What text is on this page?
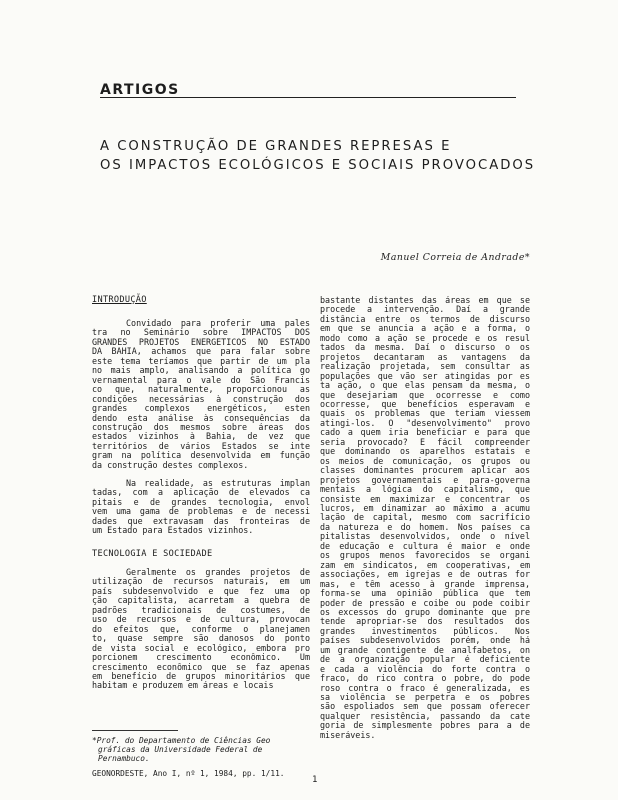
ARTIGOS
A CONSTRUÇÃO DE GRANDES REPRESAS E
OS IMPACTOS ECOLÓGICOS E SOCIAIS PROVOCADOS
Manuel Correia de Andrade*
INTRODUÇÃO
Convidado para proferir uma pales
tra no Seminário sobre IMPACTOS DOS
GRANDES PROJETOS ENERGÉTICOS NO ESTADO
DA BAHIA, achamos que para falar sobre
este tema teríamos que partir de um pla
no mais amplo, analisando a política go
vernamental para o vale do São Francis
co que, naturalmente, proporcionou as
condições necessárias à construção dos
grandes complexos energéticos, esten
dendo esta análise às consequências da
construção dos mesmos sobre áreas dos
estados vizinhos à Bahia, de vez que
territórios de vários Estados se inte
gram na política desenvolvida em função
da construção destes complexos.
Na realidade, as estruturas implan
tadas, com a aplicação de elevados ca
pitais e de grandes tecnologia, envol
vem uma gama de problemas e de necessi
dades que extravasam das fronteiras de
um Estado para Estados vizinhos.
TECNOLOGIA E SOCIEDADE
Geralmente os grandes projetos de
utilização de recursos naturais, em um
país subdesenvolvido e que fez uma op
ção capitalista, acarretam a quebra de
padrões tradicionais de costumes, de
uso de recursos e de cultura, provocan
do efeitos que, conforme o planejamen
to, quase sempre são danosos do ponto
de vista social e ecológico, embora pro
porcionem crescimento econômico. Um
crescimento econômico que se faz apenas
em benefício de grupos minoritários que
habitam e produzem em áreas e locais
bastante distantes das áreas em que se
procede a intervenção. Daí a grande
distância entre os termos de discurso
em que se anuncia a ação e a forma, o
modo como a ação se procede e os resul
tados da mesma. Daí o discurso o os
projetos decantaram as vantagens da
realização projetada, sem consultar as
populações que vão ser atingidas por es
ta ação, o que elas pensam da mesma, o
que desejariam que ocorresse e como
ocorresse, que benefícios esperavam e
quais os problemas que teriam viessem
atingi-los. O "desenvolvimento" provo
cado a quem iria beneficiar e para que
seria provocado? É fácil compreender
que dominando os aparelhos estatais e
os meios de comunicação, os grupos ou
classes dominantes procurem aplicar aos
projetos governamentais e para-governa
mentais a lógica do capitalismo, que
consiste em maximizar e concentrar os
lucros, em dinamizar ao máximo a acumu
lação de capital, mesmo com sacrifício
da natureza e do homem. Nos países ca
pitalistas desenvolvidos, onde o nível
de educação e cultura é maior e onde
os grupos menos favorecidos se organi
zam em sindicatos, em cooperativas, em
associações, em igrejas e de outras for
mas, e têm acesso à grande imprensa,
forma-se uma opinião pública que tem
poder de pressão e coibe ou pode coibir
os excessos do grupo dominante que pre
tende apropriar-se dos resultados dos
grandes investimentos públicos. Nos
países subdesenvolvidos porém, onde há
um grande contigente de analfabetos, on
de a organização popular é deficiente
e cada a violência do forte contra o
fraco, do rico contra o pobre, do pode
roso contra o fraco é generalizada, es
sa violência se perpetra e os pobres
são espoliados sem que possam oferecer
qualquer resistência, passando da cate
goria de simplesmente pobres para a de
miseráveis.
*Prof. do Departamento de Ciências Geo
gráficas da Universidade Federal de
Pernambuco.
GEONORDESTE, Ano I, nº 1, 1984, pp. 1/11.
1
